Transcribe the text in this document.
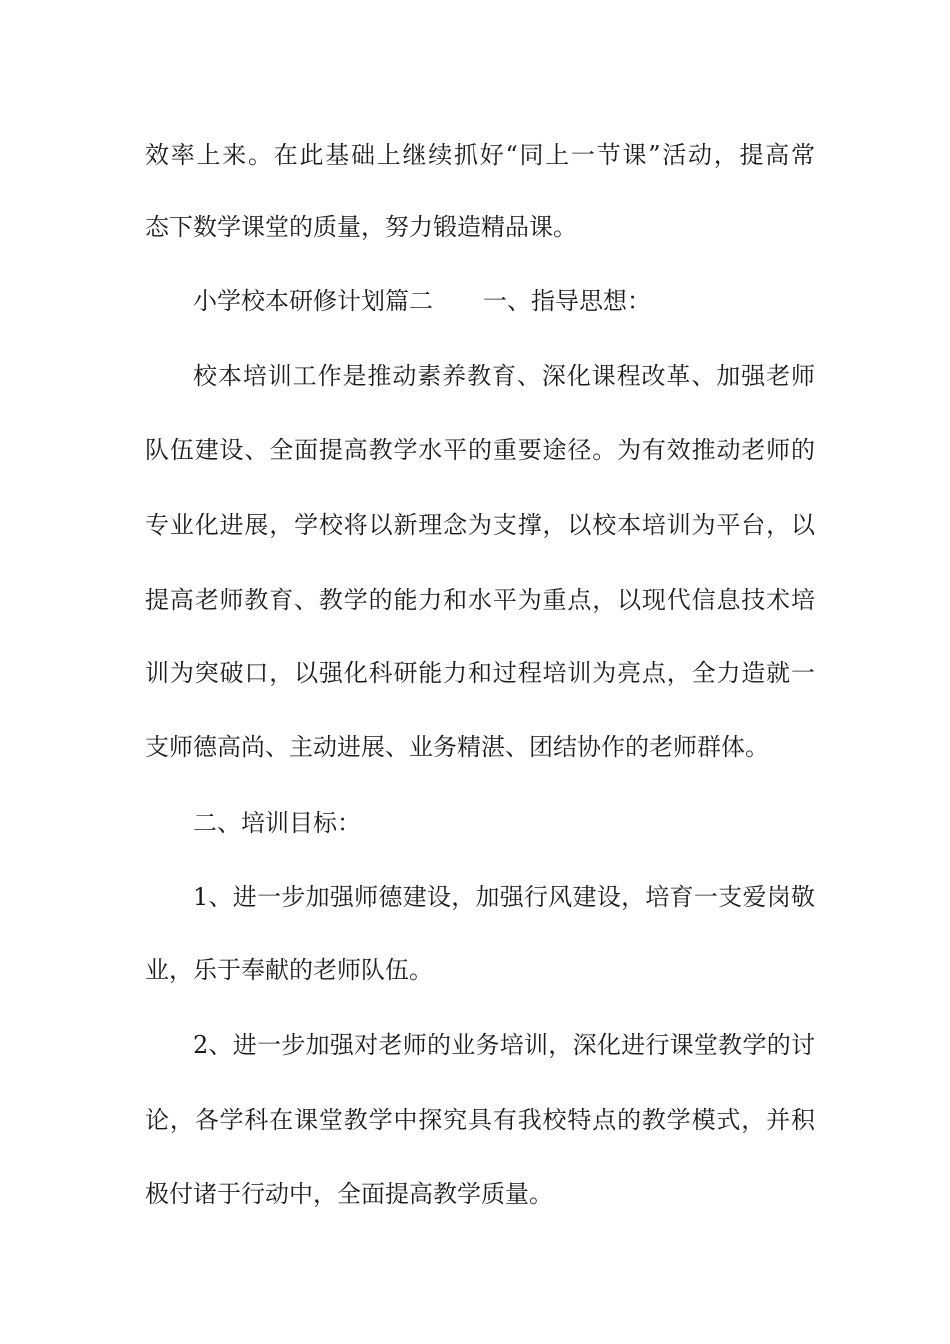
效率上来。在此基础上继续抓好“同上一节课”活动，提高常
态下数学课堂的质量，努力锻造精品课。
小学校本研修计划篇二 一、指导思想：
校本培训工作是推动素养教育、深化课程改革、加强老师
队伍建设、全面提高教学水平的重要途径。为有效推动老师的
专业化进展，学校将以新理念为支撑，以校本培训为平台，以
提高老师教育、教学的能力和水平为重点，以现代信息技术培
训为突破口，以强化科研能力和过程培训为亮点，全力造就一
支师德高尚、主动进展、业务精湛、团结协作的老师群体。
二、培训目标：
1、进一步加强师德建设，加强行风建设，培育一支爱岗敬
业，乐于奉献的老师队伍。
2、进一步加强对老师的业务培训，深化进行课堂教学的讨
论，各学科在课堂教学中探究具有我校特点的教学模式，并积
极付诸于行动中，全面提高教学质量。
